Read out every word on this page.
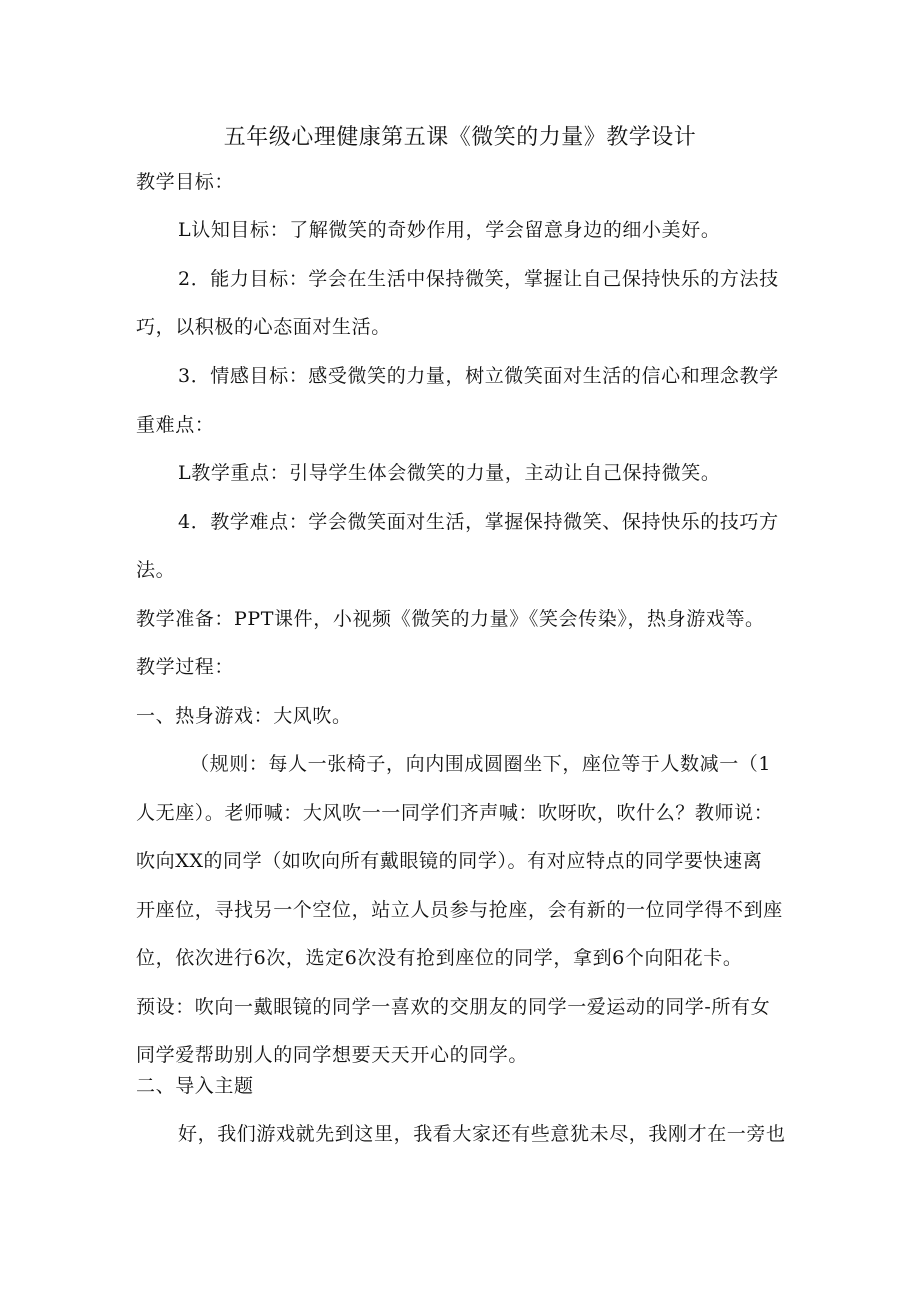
五年级心理健康第五课《微笑的力量》教学设计
教学目标：
L认知目标：了解微笑的奇妙作用，学会留意身边的细小美好。
2．能力目标：学会在生活中保持微笑，掌握让自己保持快乐的方法技
巧，以积极的心态面对生活。
3．情感目标：感受微笑的力量，树立微笑面对生活的信心和理念教学
重难点：
L教学重点：引导学生体会微笑的力量，主动让自己保持微笑。
4．教学难点：学会微笑面对生活，掌握保持微笑、保持快乐的技巧方
法。
教学准备：PPT课件，小视频《微笑的力量》《笑会传染》，热身游戏等。
教学过程：
一、热身游戏：大风吹。
（规则：每人一张椅子，向内围成圆圈坐下，座位等于人数减一（1
人无座）。老师喊：大风吹一一同学们齐声喊：吹呀吹，吹什么？教师说：
吹向XX的同学（如吹向所有戴眼镜的同学）。有对应特点的同学要快速离
开座位，寻找另一个空位，站立人员参与抢座，会有新的一位同学得不到座
位，依次进行6次，选定6次没有抢到座位的同学，拿到6个向阳花卡。
预设：吹向一戴眼镜的同学一喜欢的交朋友的同学一爱运动的同学-所有女
同学爱帮助别人的同学想要天天开心的同学。
二、导入主题
好，我们游戏就先到这里，我看大家还有些意犹未尽，我刚才在一旁也
